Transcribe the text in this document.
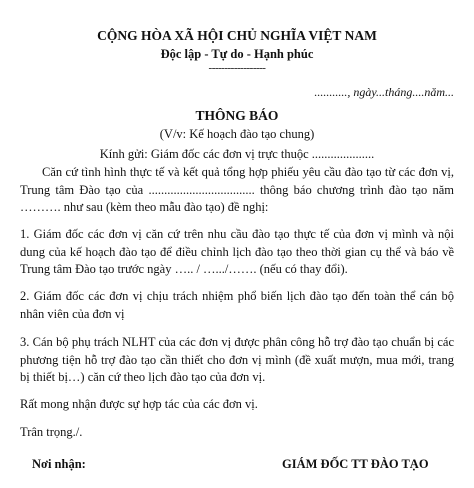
CỘNG HÒA XÃ HỘI CHỦ NGHĨA VIỆT NAM
Độc lập - Tự do - Hạnh phúc
------------------
..........., ngày...tháng....năm...
THÔNG BÁO
(V/v: Kế hoạch đào tạo chung)
Kính gửi: Giám đốc các đơn vị trực thuộc ....................

Căn cứ tình hình thực tế và kết quả tổng hợp phiếu yêu cầu đào tạo từ các đơn vị, Trung tâm Đào tạo của .................................. thông báo chương trình đào tạo năm ………. như sau (kèm theo mẫu đào tạo) đề nghị:

1. Giám đốc các đơn vị căn cứ trên nhu cầu đào tạo thực tế của đơn vị mình và nội dung của kế hoạch đào tạo để điều chỉnh lịch đào tạo theo thời gian cụ thể và báo về Trung tâm Đào tạo trước ngày ….. / ….../……. (nếu có thay đổi).

2. Giám đốc các đơn vị chịu trách nhiệm phổ biến lịch đào tạo đến toàn thể cán bộ nhân viên của đơn vị

3. Cán bộ phụ trách NLHT của các đơn vị được phân công hỗ trợ đào tạo chuẩn bị các phương tiện hỗ trợ đào tạo cần thiết cho đơn vị mình (đề xuất mượn, mua mới, trang bị thiết bị…) căn cứ theo lịch đào tạo của đơn vị.

Rất mong nhận được sự hợp tác của các đơn vị.

Trân trọng./.

Nơi nhận:	GIÁM ĐỐC TT ĐÀO TẠO
